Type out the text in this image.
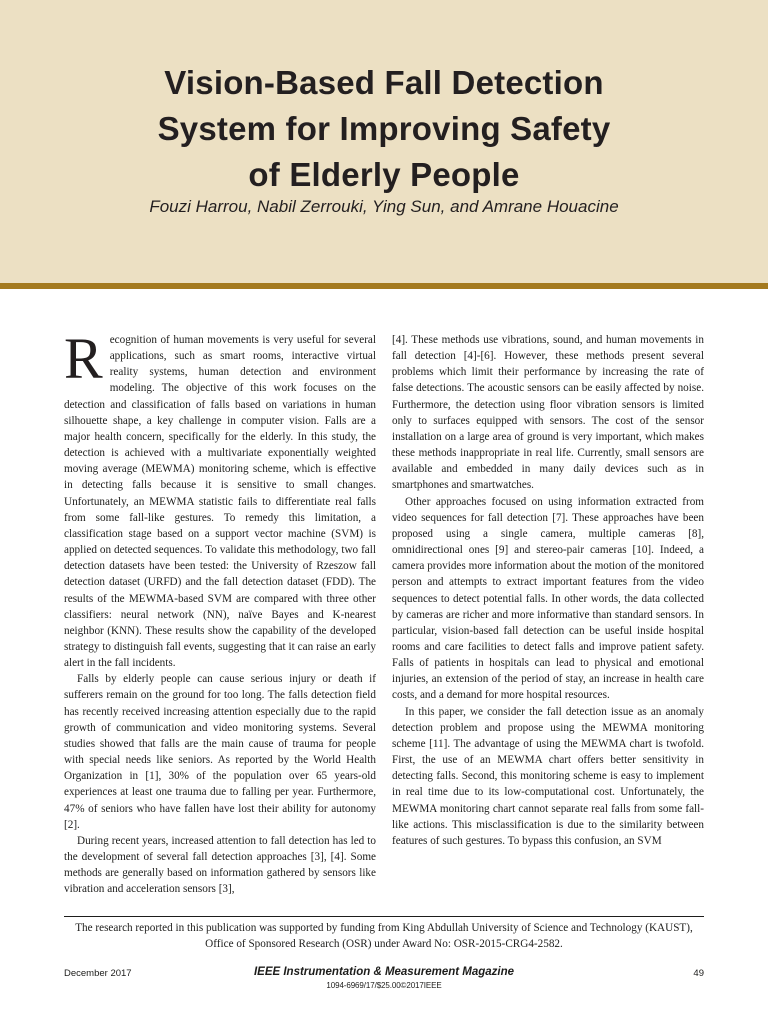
Vision-Based Fall Detection
System for Improving Safety
of Elderly People
Fouzi Harrou, Nabil Zerrouki, Ying Sun, and Amrane Houacine

Recognition of human movements is very useful for several applications, such as smart rooms, interactive virtual reality systems, human detection and environment modeling. The objective of this work focuses on the detection and classification of falls based on variations in human silhouette shape, a key challenge in computer vision. Falls are a major health concern, specifically for the elderly. In this study, the detection is achieved with a multivariate exponentially weighted moving average (MEWMA) monitoring scheme, which is effective in detecting falls because it is sensitive to small changes. Unfortunately, an MEWMA statistic fails to differentiate real falls from some fall-like gestures. To remedy this limitation, a classification stage based on a support vector machine (SVM) is applied on detected sequences. To validate this methodology, two fall detection datasets have been tested: the University of Rzeszow fall detection dataset (URFD) and the fall detection dataset (FDD). The results of the MEWMA-based SVM are compared with three other classifiers: neural network (NN), naïve Bayes and K-nearest neighbor (KNN). These results show the capability of the developed strategy to distinguish fall events, suggesting that it can raise an early alert in the fall incidents.

Falls by elderly people can cause serious injury or death if sufferers remain on the ground for too long. The falls detection field has recently received increasing attention especially due to the rapid growth of communication and video monitoring systems. Several studies showed that falls are the main cause of trauma for people with special needs like seniors. As reported by the World Health Organization in [1], 30% of the population over 65 years-old experiences at least one trauma due to falling per year. Furthermore, 47% of seniors who have fallen have lost their ability for autonomy [2].

During recent years, increased attention to fall detection has led to the development of several fall detection approaches [3], [4]. Some methods are generally based on information gathered by sensors like vibration and acceleration sensors [3],

[4]. These methods use vibrations, sound, and human movements in fall detection [4]-[6]. However, these methods present several problems which limit their performance by increasing the rate of false detections. The acoustic sensors can be easily affected by noise. Furthermore, the detection using floor vibration sensors is limited only to surfaces equipped with sensors. The cost of the sensor installation on a large area of ground is very important, which makes these methods inappropriate in real life. Currently, small sensors are available and embedded in many daily devices such as in smartphones and smartwatches.

Other approaches focused on using information extracted from video sequences for fall detection [7]. These approaches have been proposed using a single camera, multiple cameras [8], omnidirectional ones [9] and stereo-pair cameras [10]. Indeed, a camera provides more information about the motion of the monitored person and attempts to extract important features from the video sequences to detect potential falls. In other words, the data collected by cameras are richer and more informative than standard sensors. In particular, vision-based fall detection can be useful inside hospital rooms and care facilities to detect falls and improve patient safety. Falls of patients in hospitals can lead to physical and emotional injuries, an extension of the period of stay, an increase in health care costs, and a demand for more hospital resources.

In this paper, we consider the fall detection issue as an anomaly detection problem and propose using the MEWMA monitoring scheme [11]. The advantage of using the MEWMA chart is twofold. First, the use of an MEWMA chart offers better sensitivity in detecting falls. Second, this monitoring scheme is easy to implement in real time due to its low-computational cost. Unfortunately, the MEWMA monitoring chart cannot separate real falls from some fall-like actions. This misclassification is due to the similarity between features of such gestures. To bypass this confusion, an SVM

The research reported in this publication was supported by funding from King Abdullah University of Science and Technology (KAUST), Office of Sponsored Research (OSR) under Award No: OSR-2015-CRG4-2582.
December 2017	IEEE Instrumentation & Measurement Magazine	49
1094-6969/17/$25.00©2017IEEE
